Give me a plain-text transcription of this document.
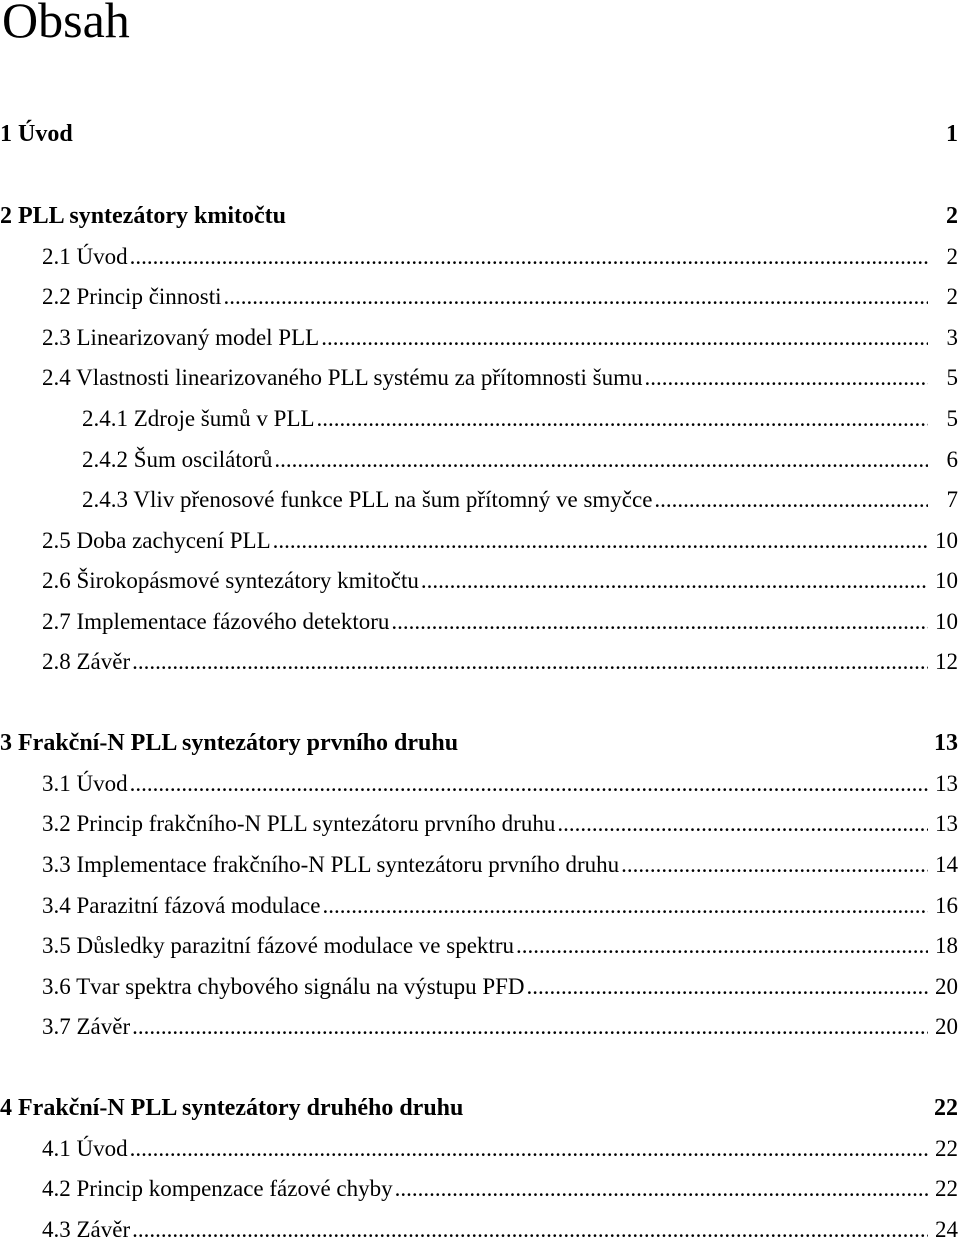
Obsah
1 Úvod	1
2 PLL syntezátory kmitočtu	2
2.1 Úvod .....	2
2.2 Princip činnosti .....	2
2.3 Linearizovaný model PLL .....	3
2.4 Vlastnosti linearizovaného PLL systému za přítomnosti šumu .....	5
2.4.1 Zdroje šumů v PLL .....	5
2.4.2 Šum oscilátorů .....	6
2.4.3 Vliv přenosové funkce PLL na šum přítomný ve smyčce .....	7
2.5 Doba zachycení PLL .....	10
2.6 Širokopásmové syntezátory kmitočtu .....	10
2.7 Implementace fázového detektoru .....	10
2.8 Závěr .....	12
3 Frakční-N PLL syntezátory prvního druhu	13
3.1 Úvod .....	13
3.2 Princip frakčního-N PLL syntezátoru prvního druhu .....	13
3.3 Implementace frakčního-N PLL syntezátoru prvního druhu .....	14
3.4 Parazitní fázová modulace .....	16
3.5 Důsledky parazitní fázové modulace ve spektru .....	18
3.6 Tvar spektra chybového signálu na výstupu PFD .....	20
3.7 Závěr .....	20
4 Frakční-N PLL syntezátory druhého druhu	22
4.1 Úvod .....	22
4.2 Princip kompenzace fázové chyby .....	22
4.3 Závěr .....	24
